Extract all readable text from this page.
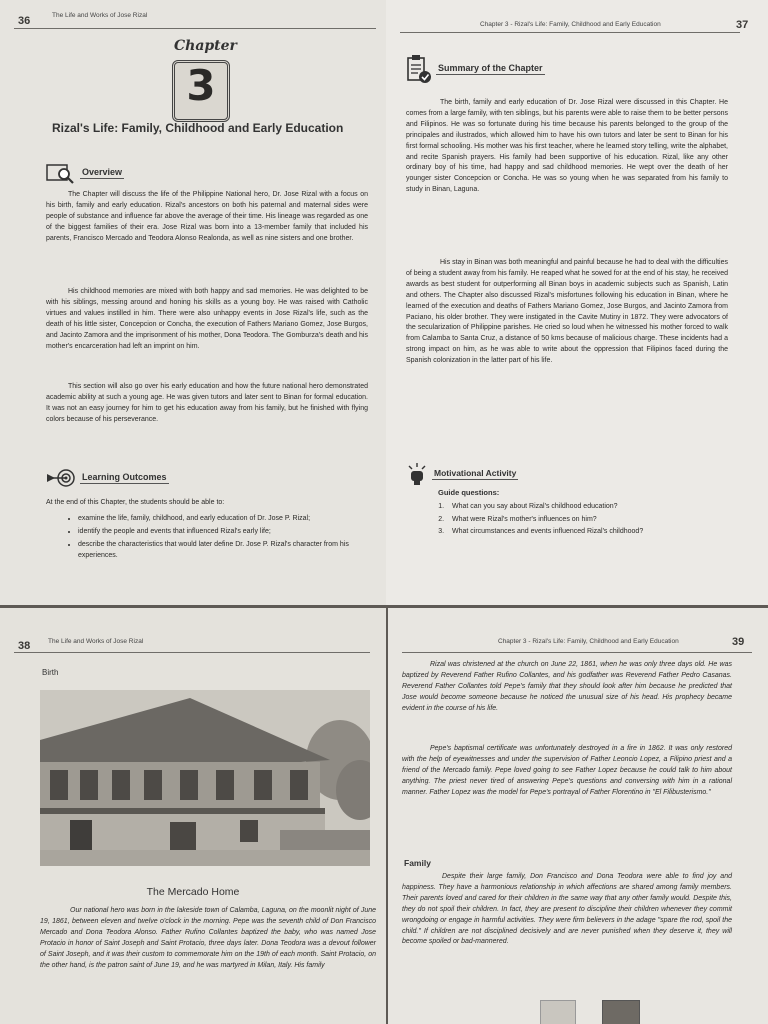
36	The Life and Works of Jose Rizal
Chapter
3
Rizal's Life: Family, Childhood and Early Education
Overview

The Chapter will discuss the life of the Philippine National hero, Dr. Jose Rizal with a focus on his birth, family and early education. Rizal's ancestors on both his paternal and maternal sides were people of substance and influence far above the average of their time. His lineage was regarded as one of the biggest families of their era. Jose Rizal was born into a 13-member family that included his parents, Francisco Mercado and Teodora Alonso Realonda, as well as nine sisters and one brother.

His childhood memories are mixed with both happy and sad memories. He was delighted to be with his siblings, messing around and honing his skills as a young boy. He was raised with Catholic virtues and values instilled in him. There were also unhappy events in Jose Rizal's life, such as the death of his little sister, Concepcion or Concha, the execution of Fathers Mariano Gomez, Jose Burgos, and Jacinto Zamora and the imprisonment of his mother, Dona Teodora. The Gomburza's death and his mother's encarceration had left an imprint on him.

This section will also go over his early education and how the future national hero demonstrated academic ability at such a young age. He was given tutors and later sent to Binan for formal education. It was not an easy journey for him to get his education away from his family, but he finished with flying colors because of his perseverance.

Learning Outcomes

At the end of this Chapter, the students should be able to:

• examine the life, family, childhood, and early education of Dr. Jose P. Rizal;
• identify the people and events that influenced Rizal's early life;
• describe the characteristics that would later define Dr. Jose P. Rizal's character from his experiences.
Chapter 3 - Rizal's Life: Family, Childhood and Early Education	37
Summary of the Chapter

The birth, family and early education of Dr. Jose Rizal were discussed in this Chapter. He comes from a large family, with ten siblings, but his parents were able to raise them to be better persons and Filipinos. He was so fortunate during his time because his parents belonged to the group of the principales and ilustrados, which allowed him to have his own tutors and later be sent to Binan for his first formal schooling. His mother was his first teacher, where he learned story telling, write the alphabet, and recite Spanish prayers. His family had been supportive of his education. Rizal, like any other ordinary boy of his time, had happy and sad childhood memories. He wept over the death of her younger sister Concepcion or Concha. He was so young when he was separated from his family to study in Binan, Laguna.

His stay in Binan was both meaningful and painful because he had to deal with the difficulties of being a student away from his family. He reaped what he sowed for at the end of his stay, he received awards as best student for outperforming all Binan boys in academic subjects such as Spanish, Latin and others. The Chapter also discussed Rizal's misfortunes following his education in Binan, where he learned of the execution and deaths of Fathers Mariano Gomez, Jose Burgos, and Jacinto Zamora from Paciano, his older brother. They were instigated in the Cavite Mutiny in 1872. They were advocators of the secularization of Philippine parishes. He cried so loud when he witnessed his mother forced to walk from Calamba to Santa Cruz, a distance of 50 kms because of malicious charge. These incidents had a strong impact on him, as he was able to write about the oppression that Filipinos faced during the Spanish colonization in the latter part of his life.

Motivational Activity
Guide questions:
1. What can you say about Rizal's childhood education?
2. What were Rizal's mother's influences on him?
3. What circumstances and events influenced Rizal's childhood?
38	The Life and Works of Jose Rizal
Birth
The Mercado Home

Our national hero was born in the lakeside town of Calamba, Laguna, on the moonlit night of June 19, 1861, between eleven and twelve o'clock in the morning. Pepe was the seventh child of Don Francisco Mercado and Dona Teodora Alonso. Father Rufino Collantes baptized the baby, who was named Jose Protacio in honor of Saint Joseph and Saint Protacio, three days later. Dona Teodora was a devout follower of Saint Joseph, and it was their custom to commemorate him on the 19th of each month. Saint Protacio, on the other hand, is the patron saint of June 19, and he was martyred in Milan, Italy. His family

Chapter 3 - Rizal's Life: Family, Childhood and Early Education	39

Rizal was christened at the church on June 22, 1861, when he was only three days old. He was baptized by Reverend Father Rufino Collantes, and his godfather was Reverend Father Pedro Casanas. Reverend Father Collantes told Pepe's family that they should look after him because he predicted that Jose would become someone because he noticed the unusual size of his head. His prophecy became evident in the course of his life.

Pepe's baptismal certificate was unfortunately destroyed in a fire in 1862. It was only restored with the help of eyewitnesses and under the supervision of Father Leoncio Lopez, a Filipino priest and a friend of the Mercado family. Pepe loved going to see Father Lopez because he could talk to him about anything. The priest never tired of answering Pepe's questions and conversing with him in a rational manner. Father Lopez was the model for Pepe's portrayal of Father Florentino in "El Filibusterismo."

Family

Despite their large family, Don Francisco and Dona Teodora were able to find joy and happiness. They have a harmonious relationship in which affections are shared among family members. Their parents loved and cared for their children in the same way that any other family would. Despite this, they do not spoil their children. In fact, they are present to discipline their children whenever they commit wrongdoing or engage in harmful activities. They were firm believers in the adage "spare the rod, spoil the child." If children are not disciplined decisively and are never punished when they deserve it, they will become spoiled or bad-mannered.
